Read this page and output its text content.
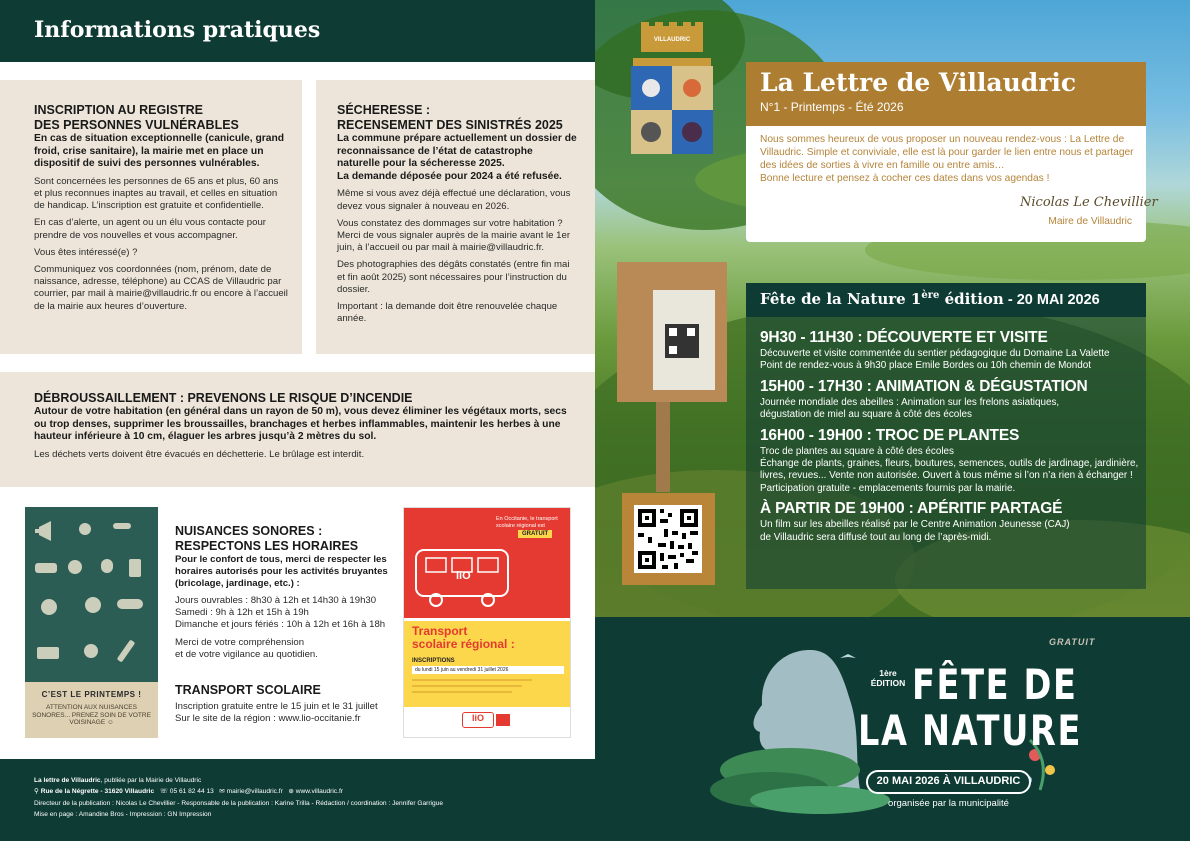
Informations pratiques
INSCRIPTION AU REGISTRE
DES PERSONNES VULNÉRABLES
En cas de situation exceptionnelle (canicule, grand froid, crise sanitaire), la mairie met en place un dispositif de suivi des personnes vulnérables.
Sont concernées les personnes de 65 ans et plus, 60 ans et plus reconnues inaptes au travail, et celles en situation de handicap. L’inscription est gratuite et confidentielle.
En cas d’alerte, un agent ou un élu vous contacte pour prendre de vos nouvelles et vous accompagner.
Vous êtes intéressé(e) ?
Communiquez vos coordonnées (nom, prénom, date de naissance, adresse, téléphone) au CCAS de Villaudric par courrier, par mail à mairie@villaudric.fr ou encore à l’accueil de la mairie aux heures d’ouverture.
SÉCHERESSE :
RECENSEMENT DES SINISTRÉS 2025
La commune prépare actuellement un dossier de reconnaissance de l’état de catastrophe naturelle pour la sécheresse 2025.
La demande déposée pour 2024 a été refusée.
Même si vous avez déjà effectué une déclaration, vous devez vous signaler à nouveau en 2026.
Vous constatez des dommages sur votre habitation ? Merci de vous signaler auprès de la mairie avant le 1er juin, à l’accueil ou par mail à mairie@villaudric.fr.
Des photographies des dégâts constatés (entre fin mai et fin août 2025) sont nécessaires pour l’instruction du dossier.
Important : la demande doit être renouvelée chaque année.
DÉBROUSSAILLEMENT : PREVENONS LE RISQUE D’INCENDIE
Autour de votre habitation (en général dans un rayon de 50 m), vous devez éliminer les végétaux morts, secs ou trop denses, supprimer les broussailles, branchages et herbes inflammables, maintenir les herbes à une hauteur inférieure à 10 cm, élaguer les arbres jusqu’à 2 mètres du sol.
Les déchets verts doivent être évacués en déchetterie. Le brûlage est interdit.
C’EST LE PRINTEMPS !
ATTENTION AUX NUISANCES SONORES... PRENEZ SOIN DE VOTRE VOISINAGE ☺
NUISANCES SONORES :
RESPECTONS LES HORAIRES
Pour le confort de tous, merci de respecter les horaires autorisés pour les activités bruyantes (bricolage, jardinage, etc.) :
Jours ouvrables : 8h30 à 12h et 14h30 à 19h30
Samedi : 9h à 12h et 15h à 19h
Dimanche et jours fériés : 10h à 12h et 16h à 18h
Merci de votre compréhension
et de votre vigilance au quotidien.
TRANSPORT SCOLAIRE
Inscription gratuite entre le 15 juin et le 31 juillet
Sur le site de la région : www.lio-occitanie.fr
En Occitanie, le transport scolaire régional est
GRATUIT
liO
Transport
scolaire régional :
INSCRIPTIONS
du lundi 15 juin au vendredi 31 juillet 2026
liO
La lettre de Villaudric, publiée par la Mairie de Villaudric
⚲ Rue de la Négrette - 31620 Villaudric ☏ 05 61 82 44 13 ✉ mairie@villaudric.fr ⊕ www.villaudric.fr
Directeur de la publication : Nicolas Le Chevillier - Responsable de la publication : Karine Trilla - Rédaction / coordination : Jennifer Garrigue
Mise en page : Amandine Bros - Impression : GN Impression
VILLAUDRIC
La Lettre de Villaudric
N°1 - Printemps - Été 2026
Nous sommes heureux de vous proposer un nouveau rendez-vous : La Lettre de Villaudric. Simple et conviviale, elle est là pour garder le lien entre nous et partager des idées de sorties à vivre en famille ou entre amis…
Bonne lecture et pensez à cocher ces dates dans vos agendas !
Nicolas Le Chevillier
Maire de Villaudric
Fête de la Nature 1ère édition - 20 MAI 2026
9H30 - 11H30 : DÉCOUVERTE ET VISITE
Découverte et visite commentée du sentier pédagogique du Domaine La Valette
Point de rendez-vous à 9h30 place Emile Bordes ou 10h chemin de Mondot
15H00 - 17H30 : ANIMATION & DÉGUSTATION
Journée mondiale des abeilles : Animation sur les frelons asiatiques,
dégustation de miel au square à côté des écoles
16H00 - 19H00 : TROC DE PLANTES
Troc de plantes au square à côté des écoles
Échange de plants, graines, fleurs, boutures, semences, outils de jardinage, jardinière, livres, revues... Vente non autorisée. Ouvert à tous même si l’on n’a rien à échanger ! Participation gratuite - emplacements fournis par la mairie.
À PARTIR DE 19H00 : APÉRITIF PARTAGÉ
Un film sur les abeilles réalisé par le Centre Animation Jeunesse (CAJ)
de Villaudric sera diffusé tout au long de l’après-midi.
GRATUIT
1ère
ÉDITION FÊTE DE
LA NATURE
20 MAI 2026 À VILLAUDRIC
organisée par la municipalité
